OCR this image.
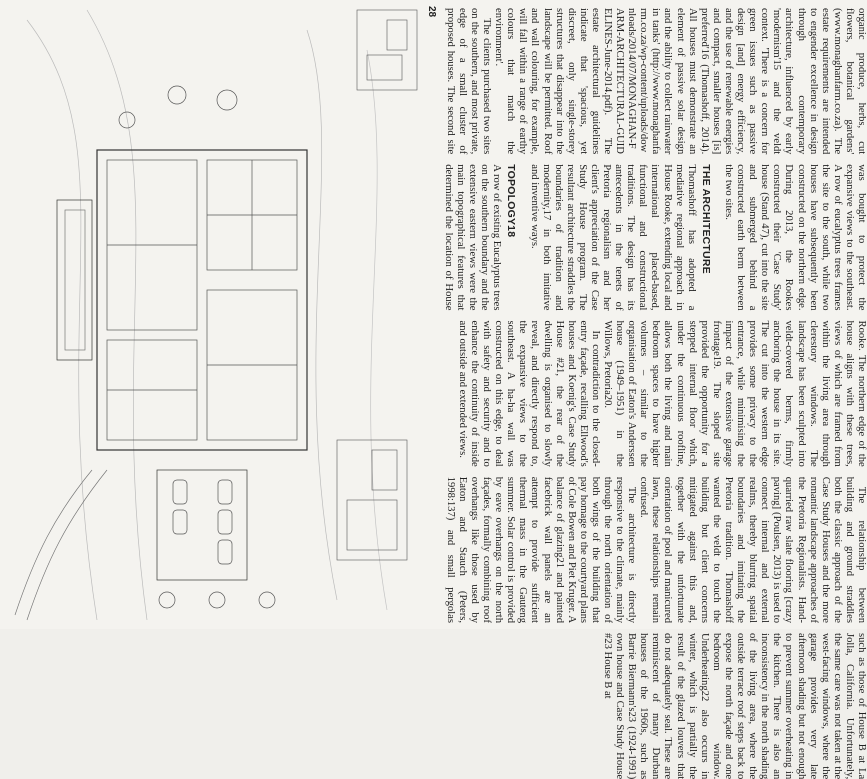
organic produce, herbs, cut flowers, botanical gardens' (www.monaghanfarm.co.za). The estate requirements are intended to engender excellence in design through contemporary architecture, influenced by early 'modernism'15 and the veldt context. 'There is a concern for green issues such as passive design [and] energy efficiency, and the use of renewable energies and compact, smaller houses [is] preferred'16 (Thomashoff, 2014). All houses must demonstrate an element of passive solar design and the ability to collect rainwater in tanks' (http://www.monaghanfarm.co.za/wp-content/uploads/downloads/2014/07/MONAGHAN-FARM-ARCHITECTURAL-GUIDELINES-June-2014.pdf). The estate architectural guidelines indicate that 'spacious, yet discreet, only single-storey structures that disappear into the landscape will be permitted. Roof and wall colouring, for example, will fall within a range of earthy colours that match the environment'.

The clients purchased two sites on the southern, and most private, edge of a small cluster of proposed houses. The second site was bought to protect the expansive views to the southeast. A row of eucalyptus trees frames the site to the south, while two houses have subsequently been constructed on the northern edge. During 2013, the Rookes constructed their 'Case Study' house (Stand 47), cut into the site and submerged behind a constructed earth berm between the two sites.

THE ARCHITECTURE

Thomashoff has adopted a mediative regional approach in House Rooke, extending local and international placed-based, functional and constructional traditions. The design has its antecedents in the tenets of Pretoria regionalism and her client's appreciation of the Case Study House program. The resultant architecture straddles the boundaries of tradition and modernity,17 in both imitative and inventive ways.

TOPOLOGY18

A row of existing Eucalyptus trees on the southern boundary and the extensive eastern views were the main topographical features that determined the location of House Rooke. The northern edge of the house aligns with these trees, views of which are framed from within the living area through clerestory windows. The landscape has been sculpted into veldt-covered berms, firmly anchoring the house in its site. The cut into the western edge provides some privacy to the entrance, while minimising the impact of the extensive garage frontage19. The sloped site provided the opportunity for a stepped internal floor which, under the continuous roofline, allows both the living and main bedroom spaces to have higher volumes – similar to the organisation of Eaton's Anderssen house (1949–1951) in the Willows, Pretoria20.

In contradiction to the closed-entry façade, recalling Ellwood's houses and Koenig's Case Study House #21, the rear of the dwelling is organised to slowly reveal, and directly respond to, the expansive views to the southeast. A ha-ha wall was constructed on this edge, to deal with safety and security and to enhance the continuity of inside and outside and extended views.

The relationship between building and ground straddles both the classic approach of the Case Study Houses and the more romantic landscape approaches of the Pretoria Regionalists. Hand-quarried raw slate flooring [crazy paving] (Poulsen, 2013) is used to connect internal and external realms, thereby blurring spatial boundaries and imitating the Pretoria tradition. Thomashoff wanted the veldt to touch the building but client concerns mitigated against this and, together with the unfortunate orientation of pool and manicured lawn, these relationships remain confused.

The architecture is directly responsive to the climate, mainly through the north orientation of both wings of the building that pay homage to the courtyard plans of Cole Bowen and Piet Kruger. A balance of glazing21 and painted facebrick wall panels are an attempt to provide sufficient thermal mass in the Gauteng summer. Solar control is provided by eave overhangs on the north façades, formally combining roof overhangs like those used by Eaton and Stauch (Peters, 1998:137) and small pergolas such as those of House B at La Jolla, California. Unfortunately, the same care was not taken at the west-facing windows, where the garage provides very late afternoon shading but not enough to prevent summer overheating in the kitchen. There is also an inconsistency in the north shading of the living area, where the outside terrace roof steps back to expose the north façade and one bedroom window. Underheating22 also occurs in winter, which is partially the result of the glazed louvers that do not adequately seal. These are reminiscent of many Durban houses of the 1960s, such as Barrie Biermann's23 (1924-1991) own house and Case Study House #23 House B at

28
